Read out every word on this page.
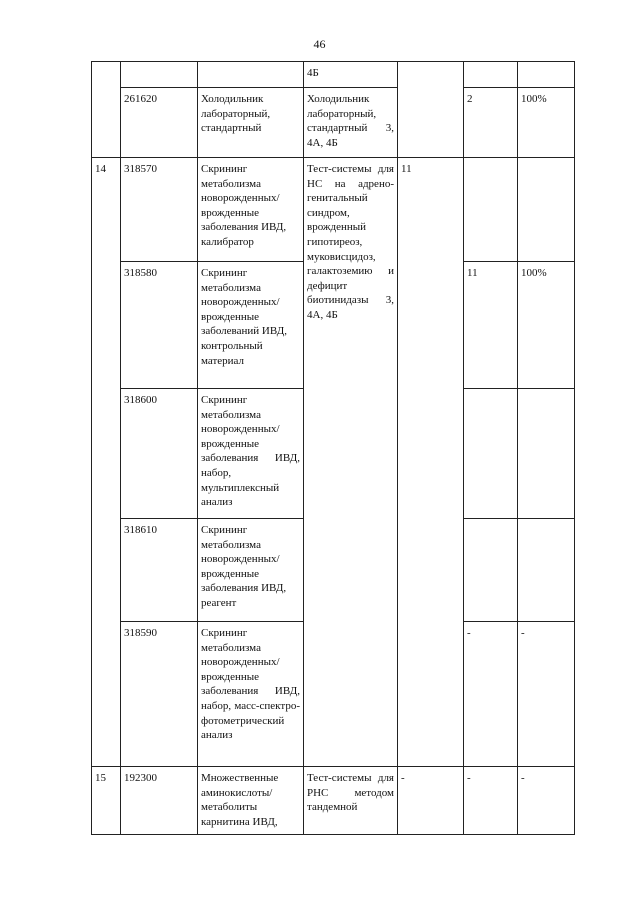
46
			4Б			
	261620	Холодильник лабораторный, стандартный	Холодильник лабораторный, стандартный 3, 4А, 4Б		2	100%
14	318570	Скрининг метаболизма новорожденных/ врожденные заболевания ИВД, калибратор	Тест-системы для НС на адрено-генитальный синдром, врожденный гипотиреоз, муковисцидоз, галактоземию и дефицит биотинидазы 3, 4А, 4Б	11		
	318580	Скрининг метаболизма новорожденных/ врожденные заболеваний ИВД, контрольный материал			11	100%
	318600	Скрининг метаболизма новорожденных/ врожденные заболевания ИВД, набор, мультиплексный анализ				
	318610	Скрининг метаболизма новорожденных/ врожденные заболевания ИВД, реагент				
	318590	Скрининг метаболизма новорожденных/ врожденные заболевания ИВД, набор, масс-спектро-фотометрический анализ			-	-
15	192300	Множественные аминокислоты/ метаболиты карнитина ИВД,	Тест-системы для РНС методом тандемной	-	-	-
